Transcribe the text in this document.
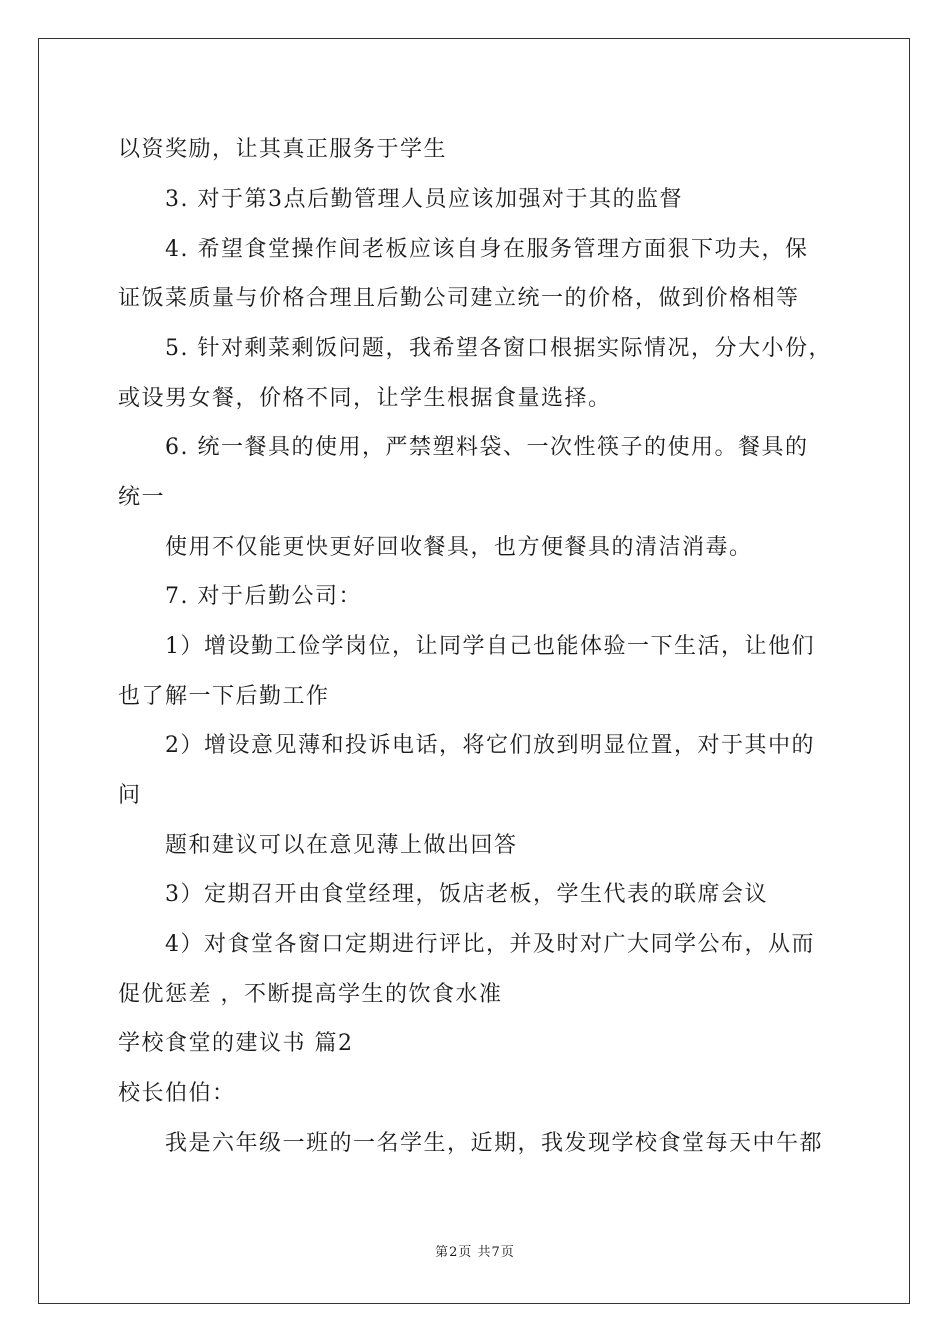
以资奖励，让其真正服务于学生
3. 对于第3点后勤管理人员应该加强对于其的监督
4. 希望食堂操作间老板应该自身在服务管理方面狠下功夫，保
证饭菜质量与价格合理且后勤公司建立统一的价格，做到价格相等
5. 针对剩菜剩饭问题，我希望各窗口根据实际情况，分大小份，
或设男女餐，价格不同，让学生根据食量选择。
6. 统一餐具的使用，严禁塑料袋、一次性筷子的使用。餐具的
统一
使用不仅能更快更好回收餐具，也方便餐具的清洁消毒。
7. 对于后勤公司：
1）增设勤工俭学岗位，让同学自己也能体验一下生活，让他们
也了解一下后勤工作
2）增设意见薄和投诉电话，将它们放到明显位置，对于其中的
问
题和建议可以在意见薄上做出回答
3）定期召开由食堂经理，饭店老板，学生代表的联席会议
4）对食堂各窗口定期进行评比，并及时对广大同学公布，从而
促优惩差 ，不断提高学生的饮食水准
学校食堂的建议书 篇2
校长伯伯：
我是六年级一班的一名学生，近期，我发现学校食堂每天中午都
第2页 共7页
